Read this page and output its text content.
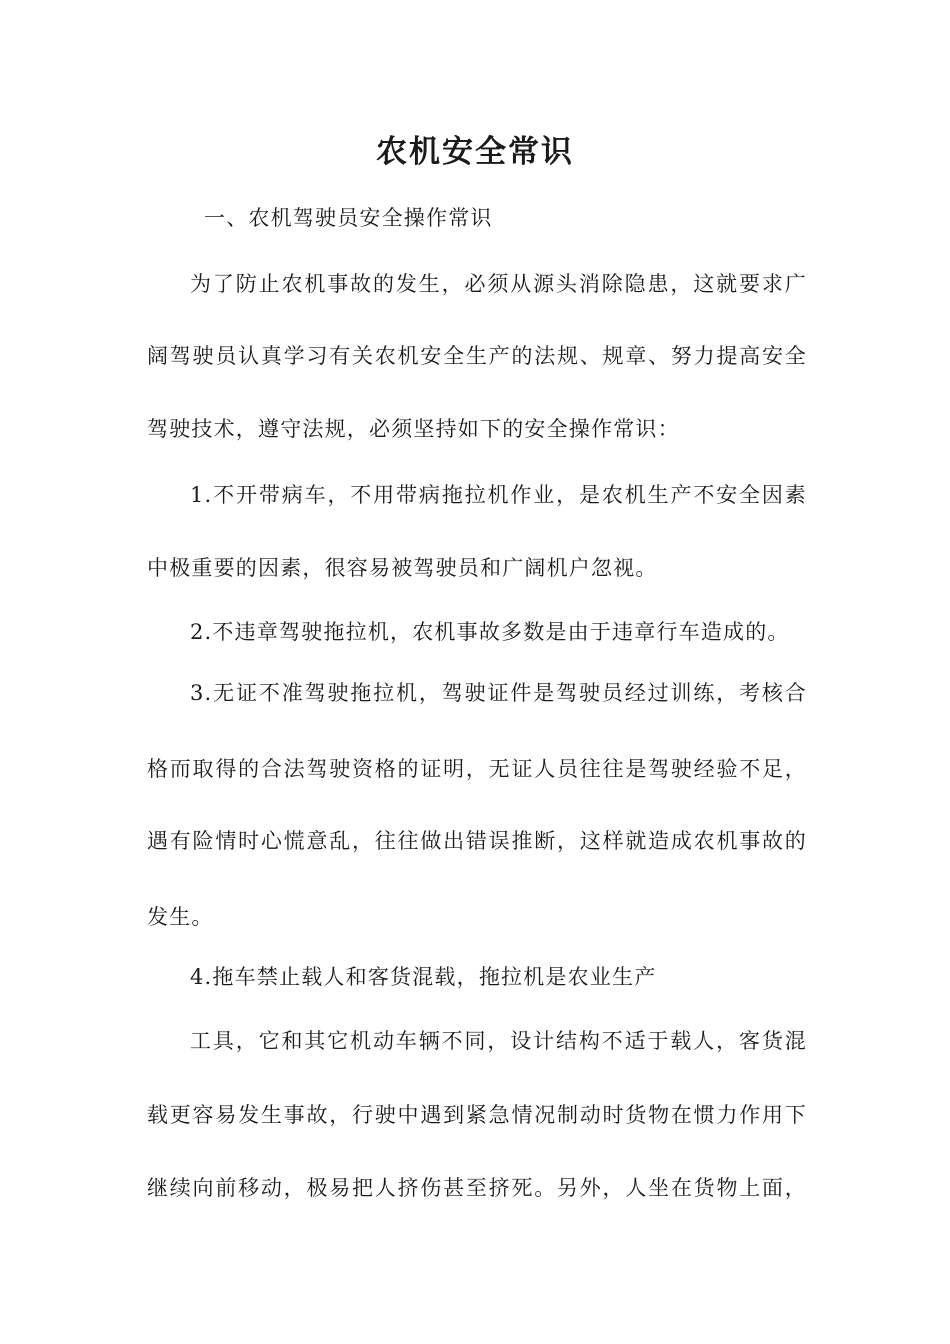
农机安全常识
一、农机驾驶员安全操作常识
为了防止农机事故的发生，必须从源头消除隐患，这就要求广
阔驾驶员认真学习有关农机安全生产的法规、规章、努力提高安全
驾驶技术，遵守法规，必须坚持如下的安全操作常识：
1.不开带病车，不用带病拖拉机作业，是农机生产不安全因素
中极重要的因素，很容易被驾驶员和广阔机户忽视。
2.不违章驾驶拖拉机，农机事故多数是由于违章行车造成的。
3.无证不准驾驶拖拉机，驾驶证件是驾驶员经过训练，考核合
格而取得的合法驾驶资格的证明，无证人员往往是驾驶经验不足，
遇有险情时心慌意乱，往往做出错误推断，这样就造成农机事故的
发生。
4.拖车禁止载人和客货混载，拖拉机是农业生产
工具，它和其它机动车辆不同，设计结构不适于载人，客货混
载更容易发生事故，行驶中遇到紧急情况制动时货物在惯力作用下
继续向前移动，极易把人挤伤甚至挤死。另外，人坐在货物上面，
